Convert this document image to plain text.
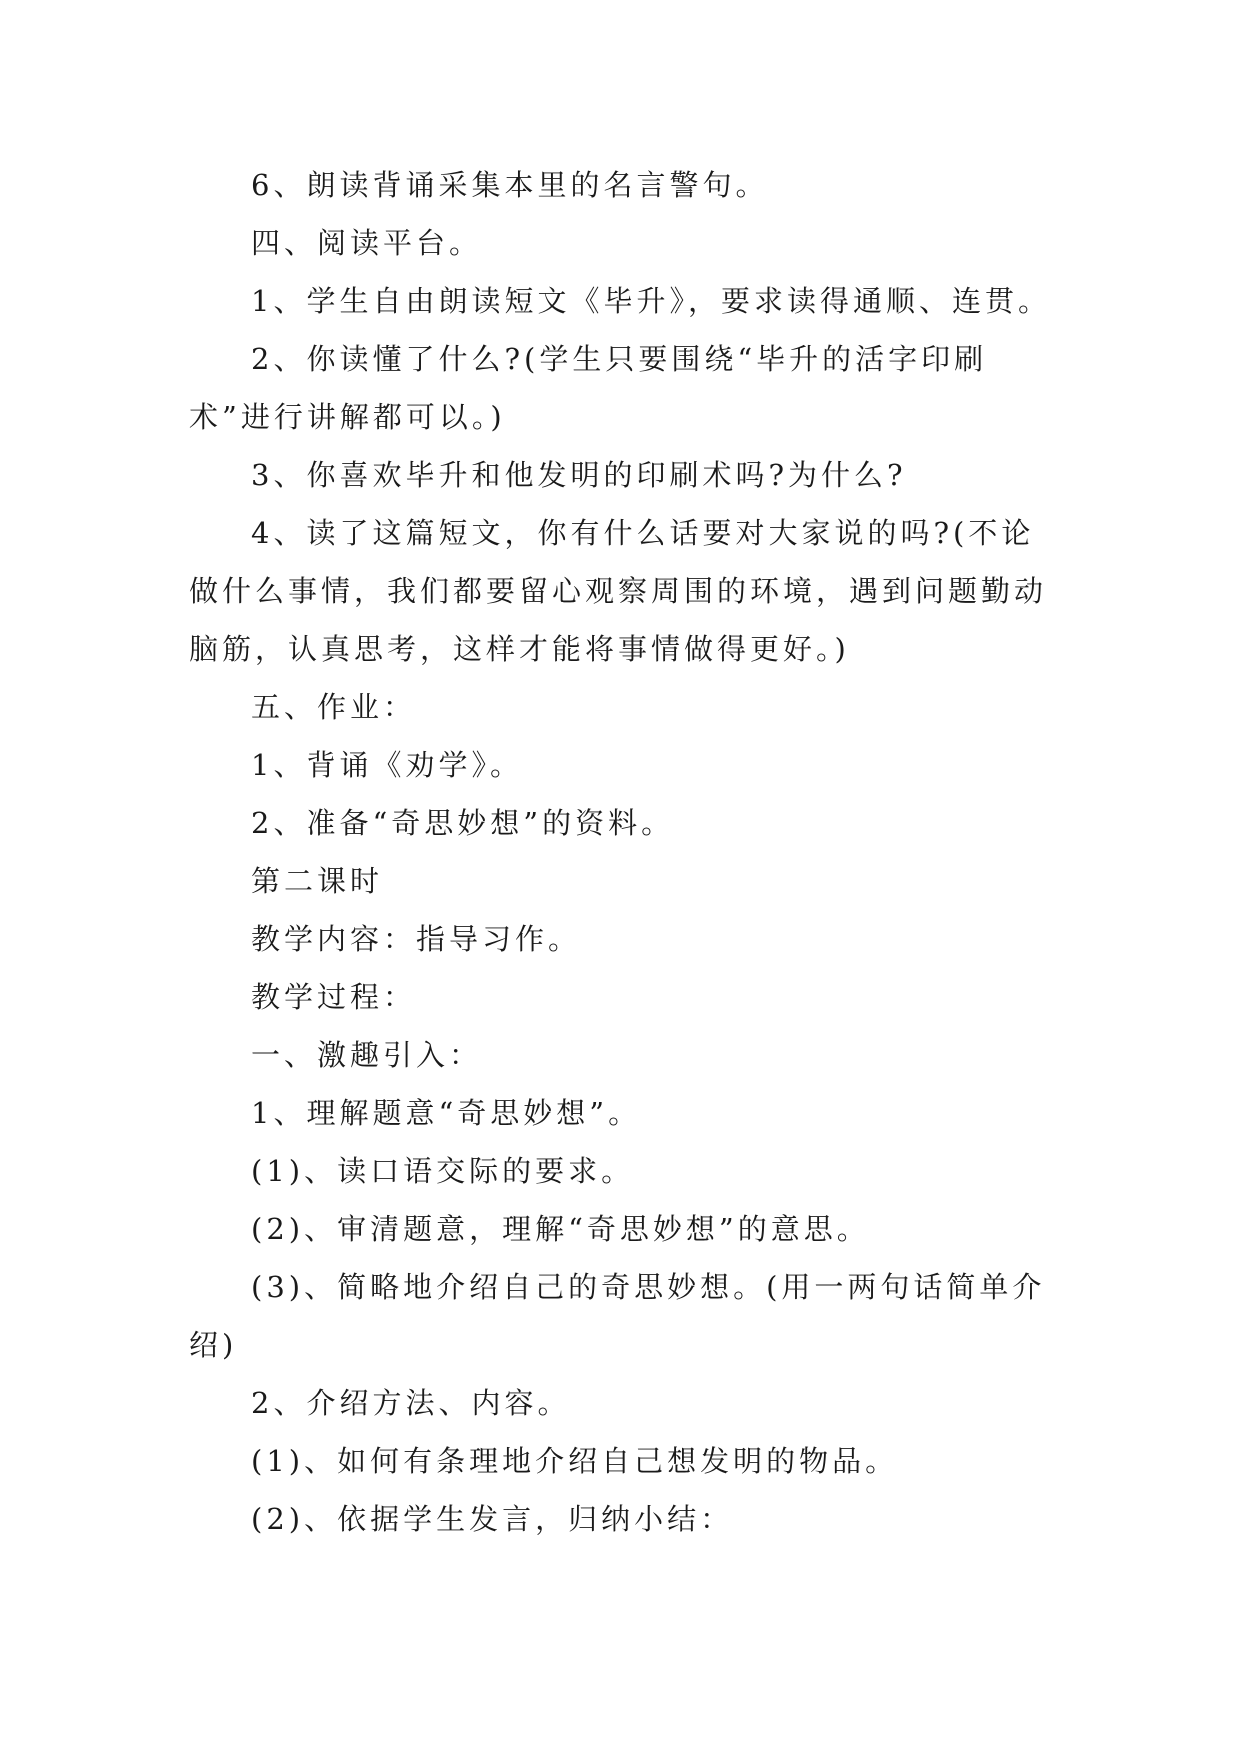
6、朗读背诵采集本里的名言警句。

四、阅读平台。

1、学生自由朗读短文《毕升》，要求读得通顺、连贯。

2、你读懂了什么?(学生只要围绕“毕升的活字印刷术”进行讲解都可以。)

3、你喜欢毕升和他发明的印刷术吗?为什么?

4、读了这篇短文，你有什么话要对大家说的吗?(不论做什么事情，我们都要留心观察周围的环境，遇到问题勤动脑筋，认真思考，这样才能将事情做得更好。)

五、作业：

1、背诵《劝学》。

2、准备“奇思妙想”的资料。

第二课时

教学内容：指导习作。

教学过程：

一、激趣引入：

1、理解题意“奇思妙想”。

(1)、读口语交际的要求。

(2)、审清题意，理解“奇思妙想”的意思。

(3)、简略地介绍自己的奇思妙想。(用一两句话简单介绍)

2、介绍方法、内容。

(1)、如何有条理地介绍自己想发明的物品。

(2)、依据学生发言，归纳小结：
